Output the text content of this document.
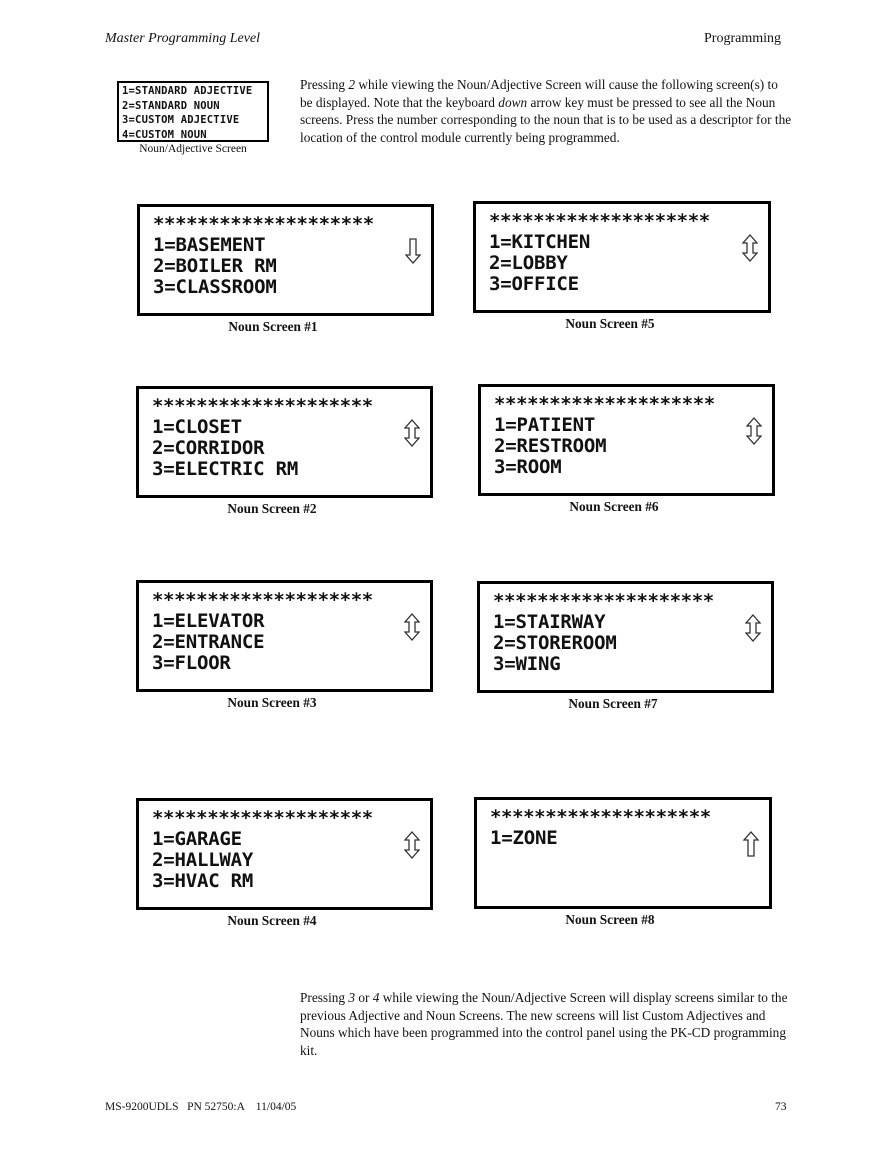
Master Programming Level	Programming
1=STANDARD ADJECTIVE
2=STANDARD NOUN
3=CUSTOM ADJECTIVE
4=CUSTOM NOUN
Noun/Adjective Screen
Pressing 2 while viewing the Noun/Adjective Screen will cause the following screen(s) to be displayed. Note that the keyboard down arrow key must be pressed to see all the Noun screens. Press the number corresponding to the noun that is to be used as a descriptor for the location of the control module currently being programmed.
********************
1=BASEMENT
2=BOILER RM
3=CLASSROOM
Noun Screen #1
********************
1=CLOSET
2=CORRIDOR
3=ELECTRIC RM
Noun Screen #2
********************
1=ELEVATOR
2=ENTRANCE
3=FLOOR
Noun Screen #3
********************
1=GARAGE
2=HALLWAY
3=HVAC RM
Noun Screen #4
********************
1=KITCHEN
2=LOBBY
3=OFFICE
Noun Screen #5
********************
1=PATIENT
2=RESTROOM
3=ROOM
Noun Screen #6
********************
1=STAIRWAY
2=STOREROOM
3=WING
Noun Screen #7
********************
1=ZONE
Noun Screen #8
Pressing 3 or 4 while viewing the Noun/Adjective Screen will display screens similar to the previous Adjective and Noun Screens. The new screens will list Custom Adjectives and Nouns which have been programmed into the control panel using the PK-CD programming kit.
MS-9200UDLS   PN 52750:A    11/04/05	73
